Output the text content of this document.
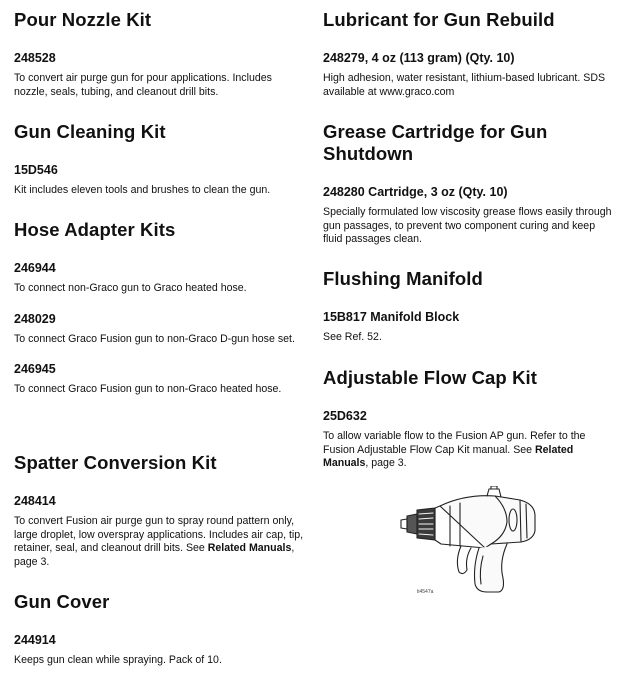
Pour Nozzle Kit

248528

To convert air purge gun for pour applications. Includes nozzle, seals, tubing, and cleanout drill bits.

Gun Cleaning Kit

15D546

Kit includes eleven tools and brushes to clean the gun.

Hose Adapter Kits

246944

To connect non-Graco gun to Graco heated hose.

248029

To connect Graco Fusion gun to non-Graco D-gun hose set.

246945

To connect Graco Fusion gun to non-Graco heated hose.

Spatter Conversion Kit

248414

To convert Fusion air purge gun to spray round pattern only, large droplet, low overspray applications. Includes air cap, tip, retainer, seal, and cleanout drill bits. See Related Manuals, page 3.

Gun Cover

244914

Keeps gun clean while spraying. Pack of 10.

Lubricant for Gun Rebuild

248279, 4 oz (113 gram) (Qty. 10)

High adhesion, water resistant, lithium-based lubricant. SDS available at www.graco.com

Grease Cartridge for Gun Shutdown

248280 Cartridge, 3 oz (Qty. 10)

Specially formulated low viscosity grease flows easily through gun passages, to prevent two component curing and keep fluid passages clean.

Flushing Manifold

15B817 Manifold Block

See Ref. 52.

Adjustable Flow Cap Kit

25D632

To allow variable flow to the Fusion AP gun. Refer to the Fusion Adjustable Flow Cap Kit manual. See Related Manuals, page 3.

ti4547a
